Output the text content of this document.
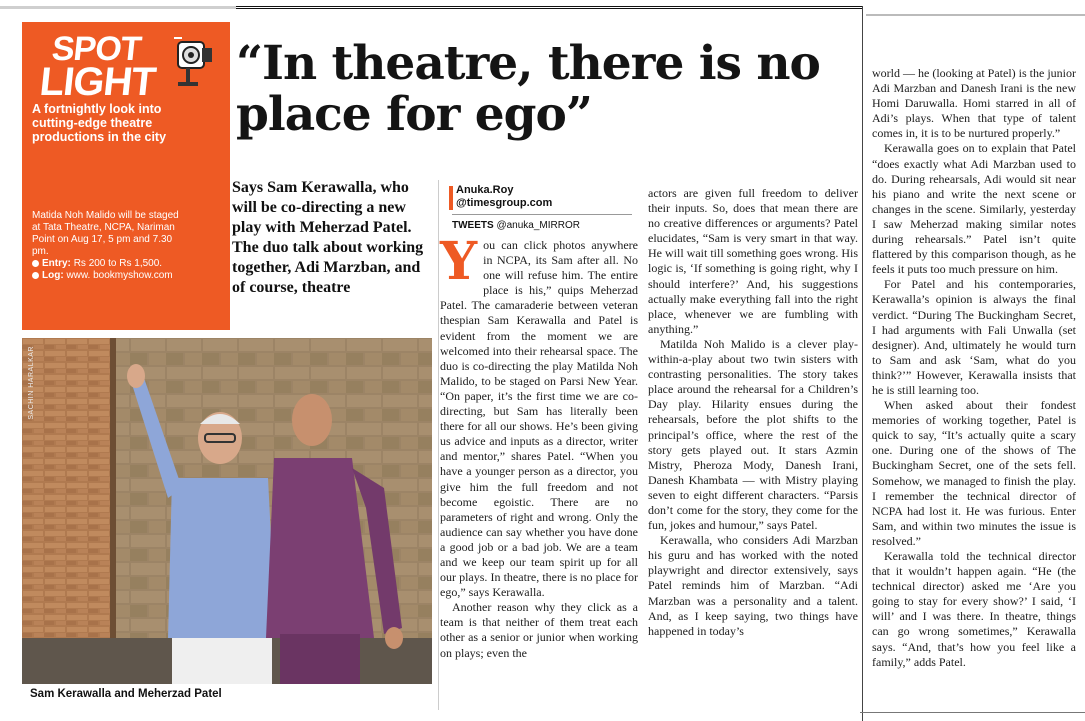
SPOT
LIGHT
A fortnightly look into cutting-edge theatre productions in the city
Matida Noh Malido will be staged at Tata Theatre, NCPA, Nariman Point on Aug 17, 5 pm and 7.30 pm.
Entry: Rs 200 to Rs 1,500.
Log: www. bookmyshow.com
“In theatre, there is no place for ego”
Says Sam Kerawalla, who will be co-directing a new play with Meherzad Patel. The duo talk about working together, Adi Marzban, and of course, theatre
SACHIN HARALKAR
Sam Kerawalla and Meherzad Patel
Anuka.Roy
@timesgroup.com
TWEETS @anuka_MIRROR

You can click photos anywhere in NCPA, its Sam after all. No one will refuse him. The entire place is his,” quips Meherzad Patel. The camaraderie between veteran thespian Sam Kerawalla and Patel is evident from the moment we are welcomed into their rehearsal space. The duo is co-directing the play Matilda Noh Malido, to be staged on Parsi New Year. “On paper, it’s the first time we are co-directing, but Sam has literally been there for all our shows. He’s been giving us advice and inputs as a director, writer and mentor,” shares Patel. “When you have a younger person as a director, you give him the full freedom and not become egoistic. There are no parameters of right and wrong. Only the audience can say whether you have done a good job or a bad job. We are a team and we keep our team spirit up for all our plays. In theatre, there is no place for ego,” says Kerawalla.

Another reason why they click as a team is that neither of them treat each other as a senior or junior when working on plays; even the

actors are given full freedom to deliver their inputs. So, does that mean there are no creative differences or arguments? Patel elucidates, “Sam is very smart in that way. He will wait till something goes wrong. His logic is, ‘If something is going right, why I should interfere?’ And, his suggestions actually make everything fall into the right place, whenever we are fumbling with anything.”

Matilda Noh Malido is a clever play-within-a-play about two twin sisters with contrasting personalities. The story takes place around the rehearsal for a Children’s Day play. Hilarity ensues during the rehearsals, before the plot shifts to the principal’s office, where the rest of the story gets played out. It stars Azmin Mistry, Pheroza Mody, Danesh Irani, Danesh Khambata — with Mistry playing seven to eight different characters. “Parsis don’t come for the story, they come for the fun, jokes and humour,” says Patel.

Kerawalla, who considers Adi Marzban his guru and has worked with the noted playwright and director extensively, says Patel reminds him of Marzban. “Adi Marzban was a personality and a talent. And, as I keep saying, two things have happened in today’s

world — he (looking at Patel) is the junior Adi Marzban and Danesh Irani is the new Homi Daruwalla. Homi starred in all of Adi’s plays. When that type of talent comes in, it is to be nurtured properly.”

Kerawalla goes on to explain that Patel “does exactly what Adi Marzban used to do. During rehearsals, Adi would sit near his piano and write the next scene or changes in the scene. Similarly, yesterday I saw Meherzad making similar notes during rehearsals.” Patel isn’t quite flattered by this comparison though, as he feels it puts too much pressure on him.

For Patel and his contemporaries, Kerawalla’s opinion is always the final verdict. “During The Buckingham Secret, I had arguments with Fali Unwalla (set designer). And, ultimately he would turn to Sam and ask ‘Sam, what do you think?’” However, Kerawalla insists that he is still learning too.

When asked about their fondest memories of working together, Patel is quick to say, “It’s actually quite a scary one. During one of the shows of The Buckingham Secret, one of the sets fell. Somehow, we managed to finish the play. I remember the technical director of NCPA had lost it. He was furious. Enter Sam, and within two minutes the issue is resolved.”

Kerawalla told the technical director that it wouldn’t happen again. “He (the technical director) asked me ‘Are you going to stay for every show?’ I said, ‘I will’ and I was there. In theatre, things can go wrong sometimes,” Kerawalla says. “And, that’s how you feel like a family,” adds Patel.
